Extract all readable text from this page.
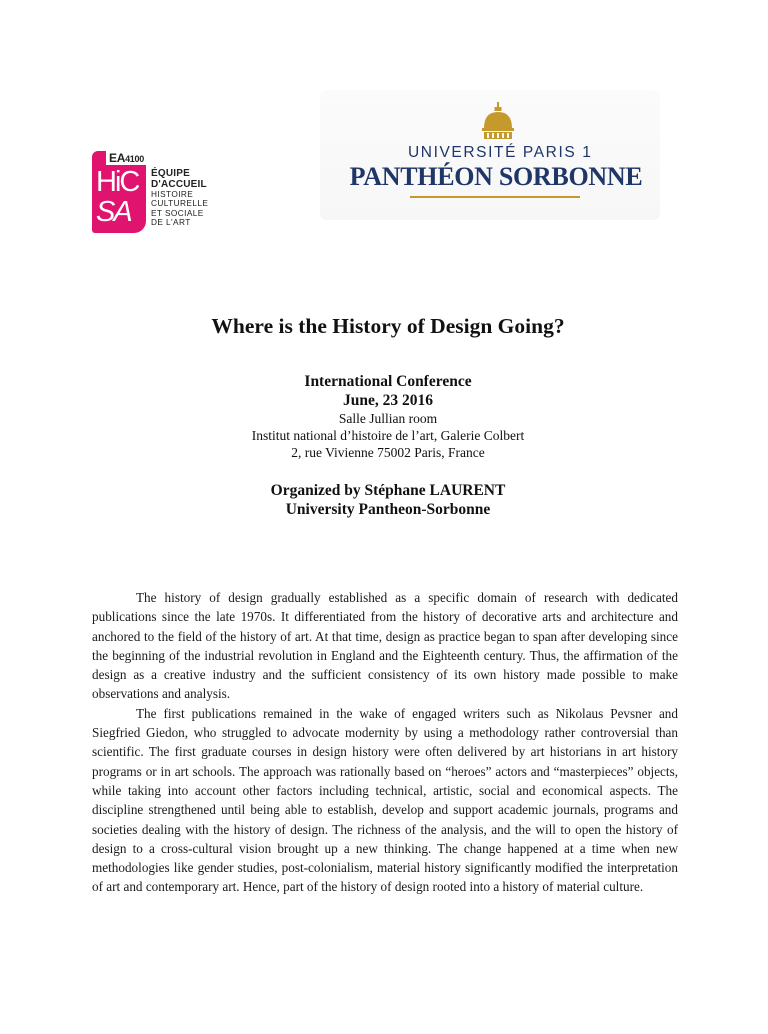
HiC
SA
EA4100
ÉQUIPE
D'ACCUEIL
HISTOIRE
CULTURELLE
ET SOCIALE
DE L'ART
UNIVERSITÉ PARIS 1
PANTHÉON SORBONNE
Where is the History of Design Going?
International Conference
June, 23 2016
Salle Jullian room
Institut national d’histoire de l’art, Galerie Colbert
2, rue Vivienne 75002 Paris, France
Organized by Stéphane LAURENT
University Pantheon-Sorbonne

The history of design gradually established as a specific domain of research with dedicated publications since the late 1970s. It differentiated from the history of decorative arts and architecture and anchored to the field of the history of art. At that time, design as practice began to span after developing since the beginning of the industrial revolution in England and the Eighteenth century. Thus, the affirmation of the design as a creative industry and the sufficient consistency of its own history made possible to make observations and analysis.

The first publications remained in the wake of engaged writers such as Nikolaus Pevsner and Siegfried Giedon, who struggled to advocate modernity by using a methodology rather controversial than scientific. The first graduate courses in design history were often delivered by art historians in art history programs or in art schools. The approach was rationally based on “heroes” actors and “masterpieces” objects, while taking into account other factors including technical, artistic, social and economical aspects. The discipline strengthened until being able to establish, develop and support academic journals, programs and societies dealing with the history of design. The richness of the analysis, and the will to open the history of design to a cross-cultural vision brought up a new thinking. The change happened at a time when new methodologies like gender studies, post-colonialism, material history significantly modified the interpretation of art and contemporary art. Hence, part of the history of design rooted into a history of material culture.
